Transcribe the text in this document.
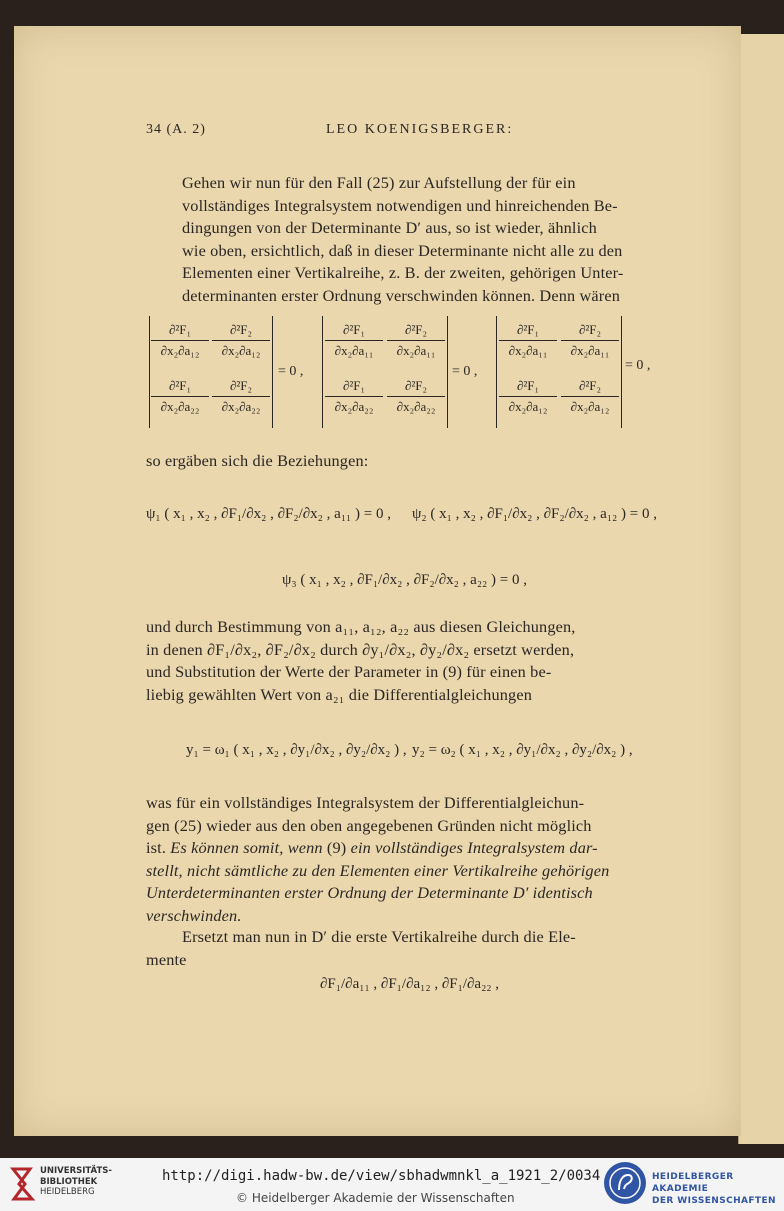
34 (A. 2)	LEO KOENIGSBERGER:

Gehen wir nun für den Fall (25) zur Aufstellung der für ein
vollständiges Integralsystem notwendigen und hinreichenden Be-
dingungen von der Determinante D′ aus, so ist wieder, ähnlich
wie oben, ersichtlich, daß in dieser Determinante nicht alle zu den
Elementen einer Vertikalreihe, z. B. der zweiten, gehörigen Unter-
determinanten erster Ordnung verschwinden können. Denn wären

$\frac{\text{∂²F₁}}{\text{∂x₂∂a₁₂}} \frac{\text{∂²F₂}}{\text{∂x₂∂a₁₂}}$
$\frac{\text{∂²F₁}}{\text{∂x₂∂a₂₂}} \frac{\text{∂²F₂}}{\text{∂x₂∂a₂₂}}$
= 0 ,
$\frac{\text{∂²F₁}}{\text{∂x₂∂a₁₁}} \frac{\text{∂²F₂}}{\text{∂x₂∂a₁₁}}$
$\frac{\text{∂²F₁}}{\text{∂x₂∂a₂₂}} \frac{\text{∂²F₂}}{\text{∂x₂∂a₂₂}}$
= 0 ,
$\frac{\text{∂²F₁}}{\text{∂x₂∂a₁₁}} \frac{\text{∂²F₂}}{\text{∂x₂∂a₁₁}}$
$\frac{\text{∂²F₁}}{\text{∂x₂∂a₁₂}} \frac{\text{∂²F₂}}{\text{∂x₂∂a₁₂}}$
= 0 ,

so ergäben sich die Beziehungen:

ψ₁ ( x₁ , x₂ , ∂F₁/∂x₂ , ∂F₂/∂x₂ , a₁₁ ) = 0 , ψ₂ ( x₁ , x₂ , ∂F₁/∂x₂ , ∂F₂/∂x₂ , a₁₂ ) = 0 ,
ψ₃ ( x₁ , x₂ , ∂F₁/∂x₂ , ∂F₂/∂x₂ , a₂₂ ) = 0 ,

und durch Bestimmung von a₁₁, a₁₂, a₂₂ aus diesen Gleichungen,
in denen ∂F₁/∂x₂, ∂F₂/∂x₂ durch ∂y₁/∂x₂, ∂y₂/∂x₂ ersetzt werden,
und Substitution der Werte der Parameter in (9) für einen be-
liebig gewählten Wert von a₂₁ die Differentialgleichungen

y₁ = ω₁ ( x₁ , x₂ , ∂y₁/∂x₂ , ∂y₂/∂x₂ ) , y₂ = ω₂ ( x₁ , x₂ , ∂y₁/∂x₂ , ∂y₂/∂x₂ ) ,

was für ein vollständiges Integralsystem der Differentialgleichun-
gen (25) wieder aus den oben angegebenen Gründen nicht möglich
ist. Es können somit, wenn (9) ein vollständiges Integralsystem dar-
stellt, nicht sämtliche zu den Elementen einer Vertikalreihe gehörigen
Unterdeterminanten erster Ordnung der Determinante D′ identisch
verschwinden.

Ersetzt man nun in D′ die erste Vertikalreihe durch die Ele-
mente

∂F₁/∂a₁₁ , ∂F₁/∂a₁₂ , ∂F₁/∂a₂₂ ,
UNIVERSITÄTS-
BIBLIOTHEK
HEIDELBERG
http://digi.hadw-bw.de/view/sbhadwmnkl_a_1921_2/0034
© Heidelberger Akademie der Wissenschaften
HEIDELBERGER AKADEMIE
DER WISSENSCHAFTEN
